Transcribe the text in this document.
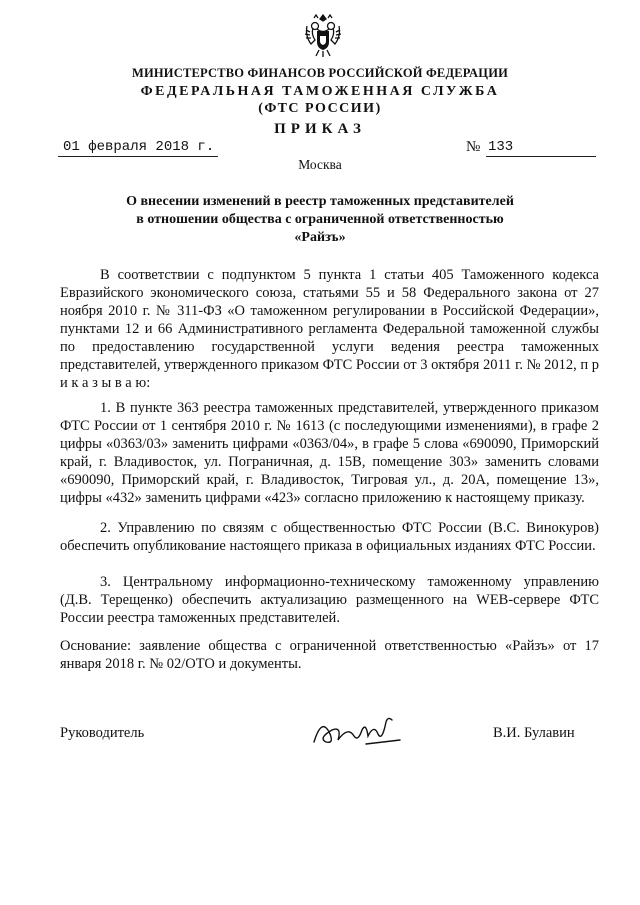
МИНИСТЕРСТВО ФИНАНСОВ РОССИЙСКОЙ ФЕДЕРАЦИИ
ФЕДЕРАЛЬНАЯ ТАМОЖЕННАЯ СЛУЖБА
(ФТС РОССИИ)
ПРИКАЗ
01 февраля 2018 г.	№ 133
Москва
О внесении изменений в реестр таможенных представителей
в отношении общества с ограниченной ответственностью
«Райзъ»

В соответствии с подпунктом 5 пункта 1 статьи 405 Таможенного кодекса Евразийского экономического союза, статьями 55 и 58 Федерального закона от 27 ноября 2010 г. № 311-ФЗ «О таможенном регулировании в Российской Федерации», пунктами 12 и 66 Административного регламента Федеральной таможенной службы по предоставлению государственной услуги ведения реестра таможенных представителей, утвержденного приказом ФТС России от 3 октября 2011 г. № 2012, п р и к а з ы в а ю:

1. В пункте 363 реестра таможенных представителей, утвержденного приказом ФТС России от 1 сентября 2010 г. № 1613 (с последующими изменениями), в графе 2 цифры «0363/03» заменить цифрами «0363/04», в графе 5 слова «690090, Приморский край, г. Владивосток, ул. Пограничная, д. 15В, помещение 303» заменить словами «690090, Приморский край, г. Владивосток, Тигровая ул., д. 20А, помещение 13», цифры «432» заменить цифрами «423» согласно приложению к настоящему приказу.

2. Управлению по связям с общественностью ФТС России (В.С. Винокуров) обеспечить опубликование настоящего приказа в официальных изданиях ФТС России.

3. Центральному информационно-техническому таможенному управлению (Д.В. Терещенко) обеспечить актуализацию размещенного на WEB-сервере ФТС России реестра таможенных представителей.

Основание: заявление общества с ограниченной ответственностью «Райзъ» от 17 января 2018 г. № 02/ОТО и документы.

Руководитель	В.И. Булавин
